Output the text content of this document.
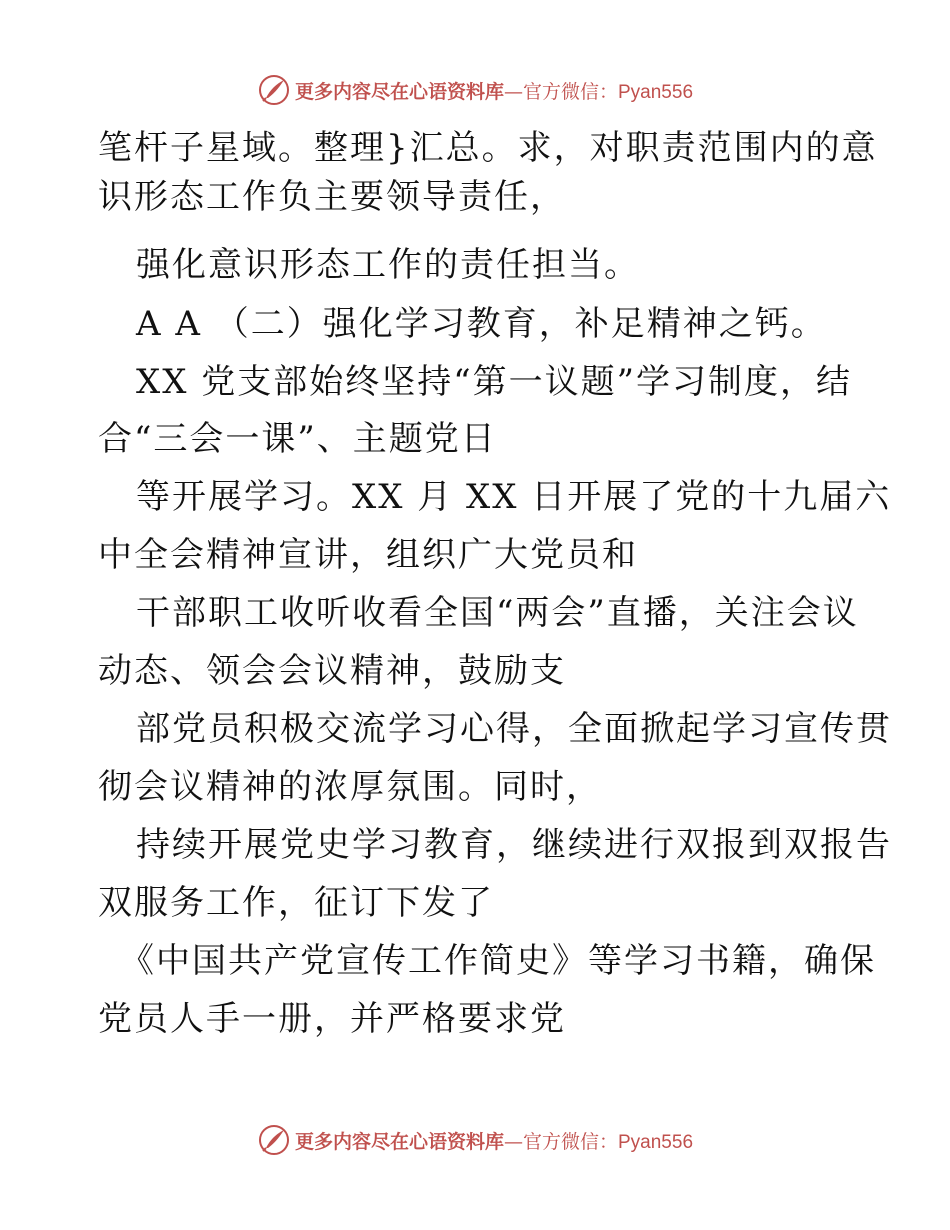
更多内容尽在心语资料库 — 官方微信： Pyan556
笔杆子星域。整理}汇总。求，对职责范围内的意
识形态工作负主要领导责任，
强化意识形态工作的责任担当。
A A （二）强化学习教育，补足精神之钙。
XX 党支部始终坚持“第一议题”学习制度，结
合“三会一课”、主题党日
等开展学习。XX 月 XX 日开展了党的十九届六
中全会精神宣讲，组织广大党员和
干部职工收听收看全国“两会”直播，关注会议
动态、领会会议精神，鼓励支
部党员积极交流学习心得，全面掀起学习宣传贯
彻会议精神的浓厚氛围。同时，
持续开展党史学习教育，继续进行双报到双报告
双服务工作，征订下发了
《中国共产党宣传工作简史》等学习书籍，确保
党员人手一册，并严格要求党
更多内容尽在心语资料库 — 官方微信： Pyan556
